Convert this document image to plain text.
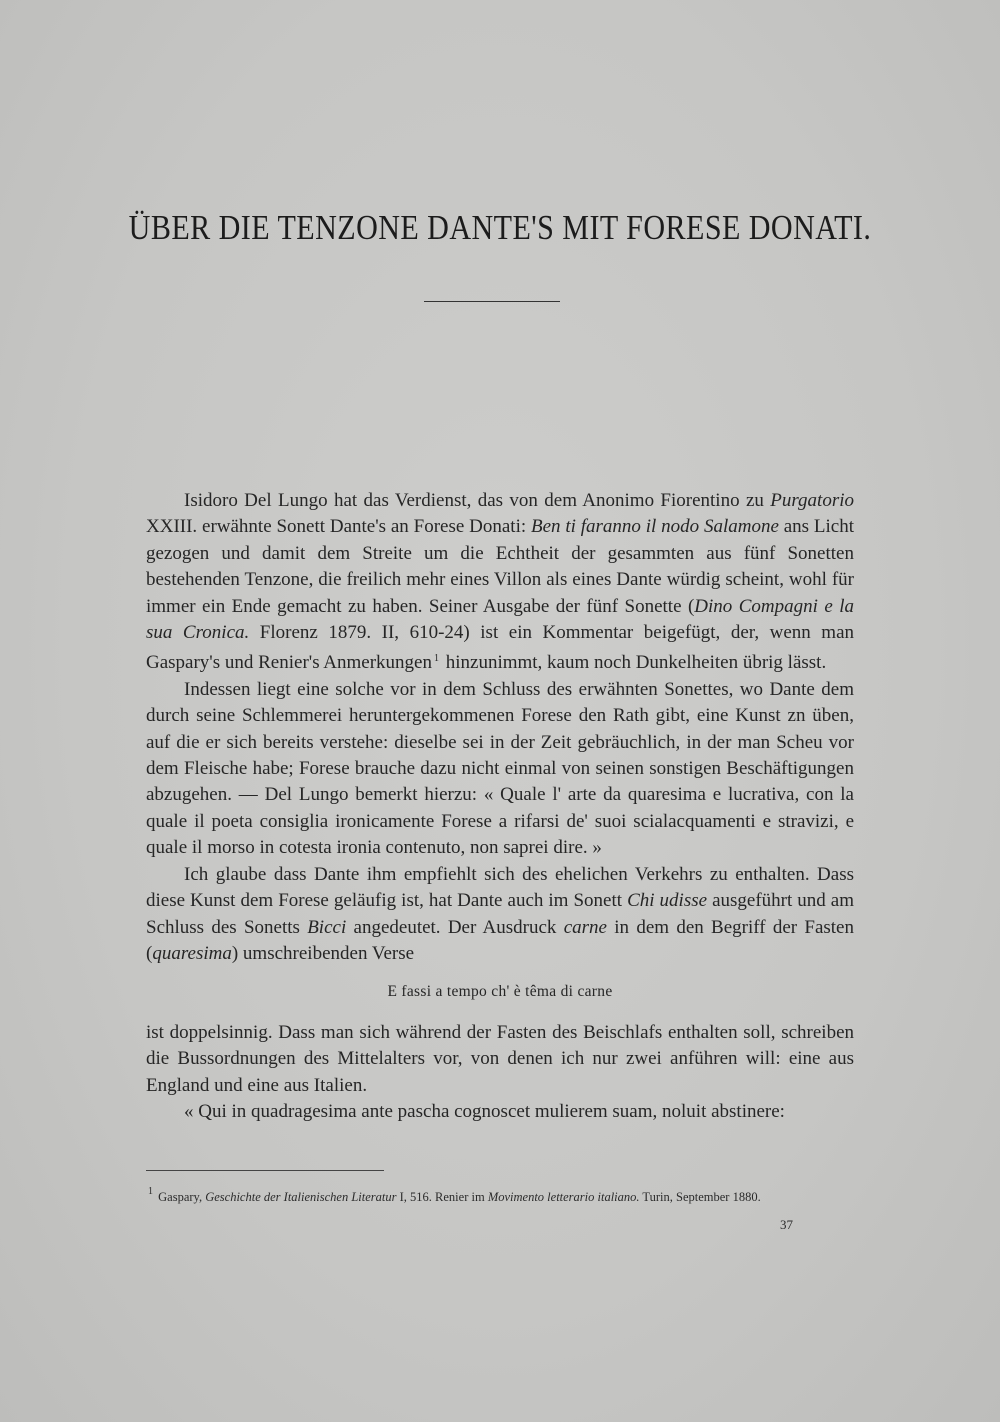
ÜBER DIE TENZONE DANTE'S MIT FORESE DONATI.

Isidoro Del Lungo hat das Verdienst, das von dem Anonimo Fiorentino zu Purgatorio XXIII. erwähnte Sonett Dante's an Forese Donati: Ben ti faranno il nodo Salamone ans Licht gezogen und damit dem Streite um die Echtheit der gesammten aus fünf Sonetten bestehenden Tenzone, die freilich mehr eines Villon als eines Dante würdig scheint, wohl für immer ein Ende gemacht zu haben. Seiner Ausgabe der fünf Sonette (Dino Compagni e la sua Cronica. Florenz 1879. II, 610-24) ist ein Kommentar beigefügt, der, wenn man Gaspary's und Renier's Anmerkungen $^1$ hinzunimmt, kaum noch Dunkelheiten übrig lässt.

Indessen liegt eine solche vor in dem Schluss des erwähnten Sonettes, wo Dante dem durch seine Schlemmerei heruntergekommenen Forese den Rath gibt, eine Kunst zn üben, auf die er sich bereits verstehe: dieselbe sei in der Zeit gebräuchlich, in der man Scheu vor dem Fleische habe; Forese brauche dazu nicht einmal von seinen sonstigen Beschäftigungen abzugehen. — Del Lungo bemerkt hierzu: « Quale l' arte da quaresima e lucrativa, con la quale il poeta consiglia ironicamente Forese a rifarsi de' suoi scialacquamenti e stravizi, e quale il morso in cotesta ironia contenuto, non saprei dire. »

Ich glaube dass Dante ihm empfiehlt sich des ehelichen Verkehrs zu enthalten. Dass diese Kunst dem Forese geläufig ist, hat Dante auch im Sonett Chi udisse ausgeführt und am Schluss des Sonetts Bicci angedeutet. Der Ausdruck carne in dem den Begriff der Fasten (quaresima) umschreibenden Verse

E fassi a tempo ch' è têma di carne

ist doppelsinnig. Dass man sich während der Fasten des Beischlafs enthalten soll, schreiben die Bussordnungen des Mittelalters vor, von denen ich nur zwei anführen will: eine aus England und eine aus Italien.

« Qui in quadragesima ante pascha cognoscet mulierem suam, noluit abstinere:

$^1$ Gaspary, Geschichte der Italienischen Literatur I, 516. Renier im Movimento letterario italiano. Turin, September 1880.
37
